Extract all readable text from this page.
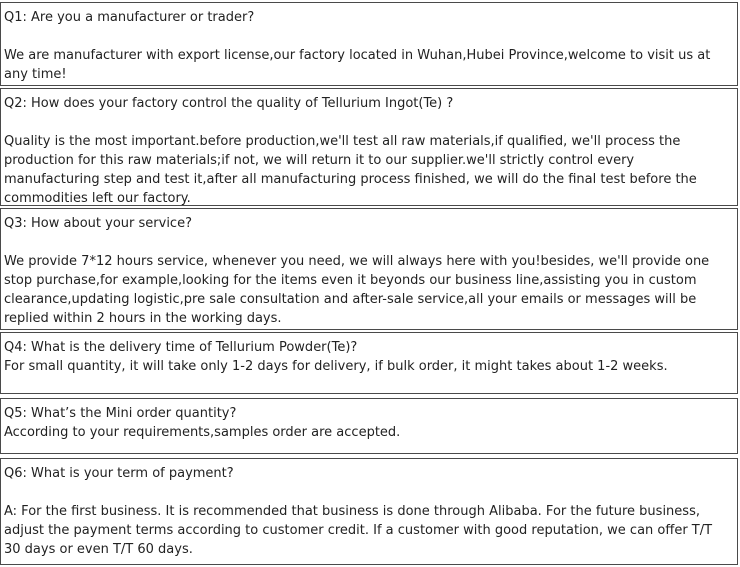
Q1: Are you a manufacturer or trader?

We are manufacturer with export license,our factory located in Wuhan,Hubei Province,welcome to visit us at any time!

Q2: How does your factory control the quality of Tellurium Ingot(Te) ?

Quality is the most important.before production,we'll test all raw materials,if qualified, we'll process the production for this raw materials;if not, we will return it to our supplier.we'll strictly control every manufacturing step and test it,after all manufacturing process finished, we will do the final test before the commodities left our factory.

Q3: How about your service?

We provide 7*12 hours service, whenever you need, we will always here with you!besides, we'll provide one stop purchase,for example,looking for the items even it beyonds our business line,assisting you in custom clearance,updating logistic,pre sale consultation and after-sale service,all your emails or messages will be replied within 2 hours in the working days.

Q4: What is the delivery time of Tellurium Powder(Te)?

For small quantity, it will take only 1-2 days for delivery, if bulk order, it might takes about 1-2 weeks.

Q5: What’s the Mini order quantity?

According to your requirements,samples order are accepted.

Q6: What is your term of payment?

A: For the first business. It is recommended that business is done through Alibaba. For the future business, adjust the payment terms according to customer credit. If a customer with good reputation, we can offer T/T 30 days or even T/T 60 days.
